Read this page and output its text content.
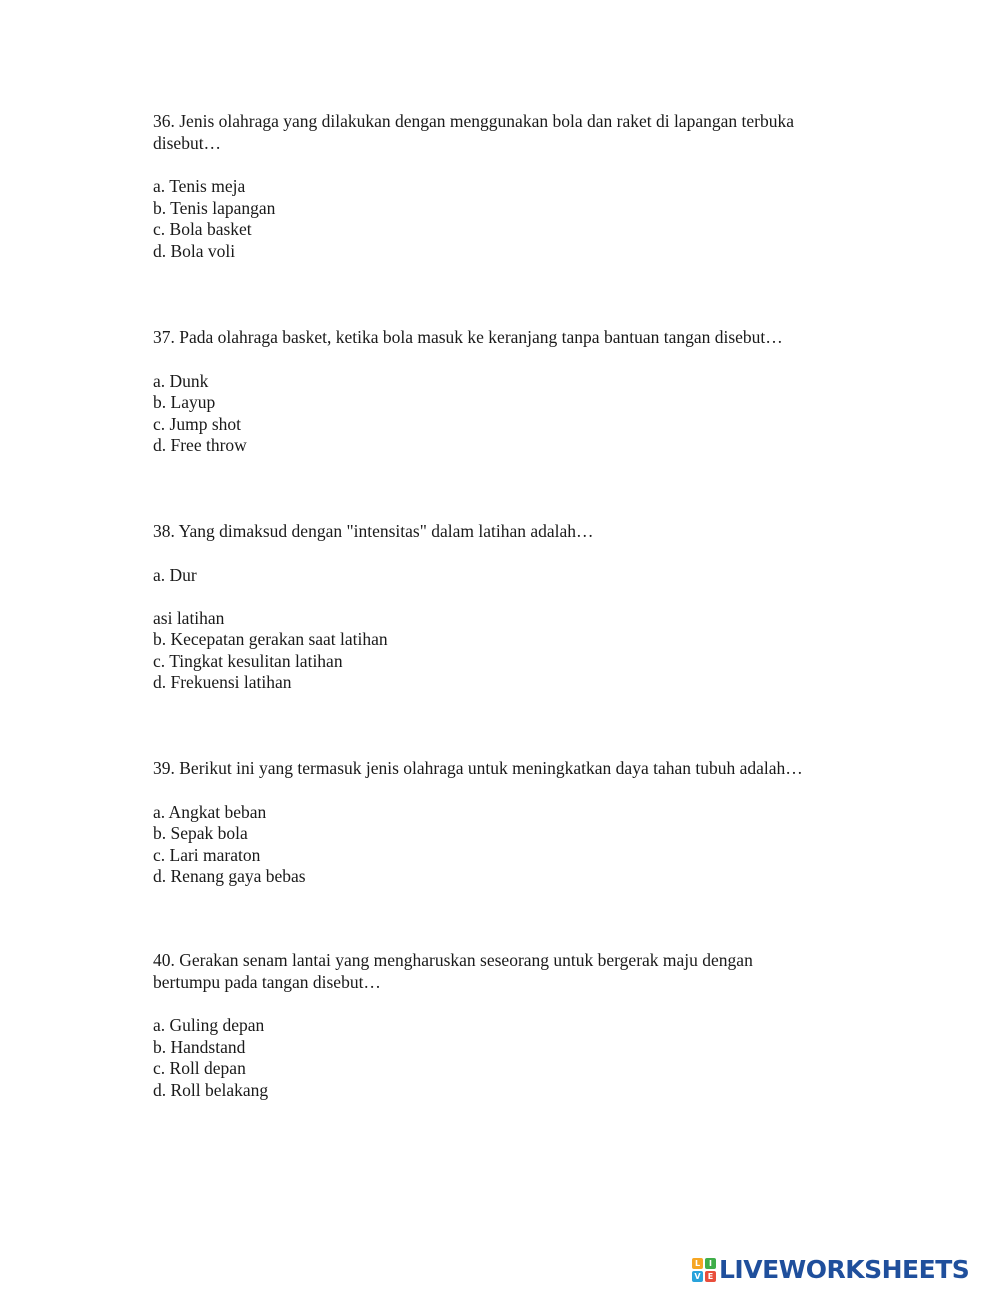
36. Jenis olahraga yang dilakukan dengan menggunakan bola dan raket di lapangan terbuka
disebut…

a. Tenis meja

b. Tenis lapangan

c. Bola basket

d. Bola voli

37. Pada olahraga basket, ketika bola masuk ke keranjang tanpa bantuan tangan disebut…

a. Dunk

b. Layup

c. Jump shot

d. Free throw

38. Yang dimaksud dengan "intensitas" dalam latihan adalah…

a. Dur

asi latihan

b. Kecepatan gerakan saat latihan

c. Tingkat kesulitan latihan

d. Frekuensi latihan

39. Berikut ini yang termasuk jenis olahraga untuk meningkatkan daya tahan tubuh adalah…

a. Angkat beban

b. Sepak bola

c. Lari maraton

d. Renang gaya bebas

40. Gerakan senam lantai yang mengharuskan seseorang untuk bergerak maju dengan
bertumpu pada tangan disebut…

a. Guling depan

b. Handstand

c. Roll depan

d. Roll belakang

L	I
V E LIVEWORKSHEETS
